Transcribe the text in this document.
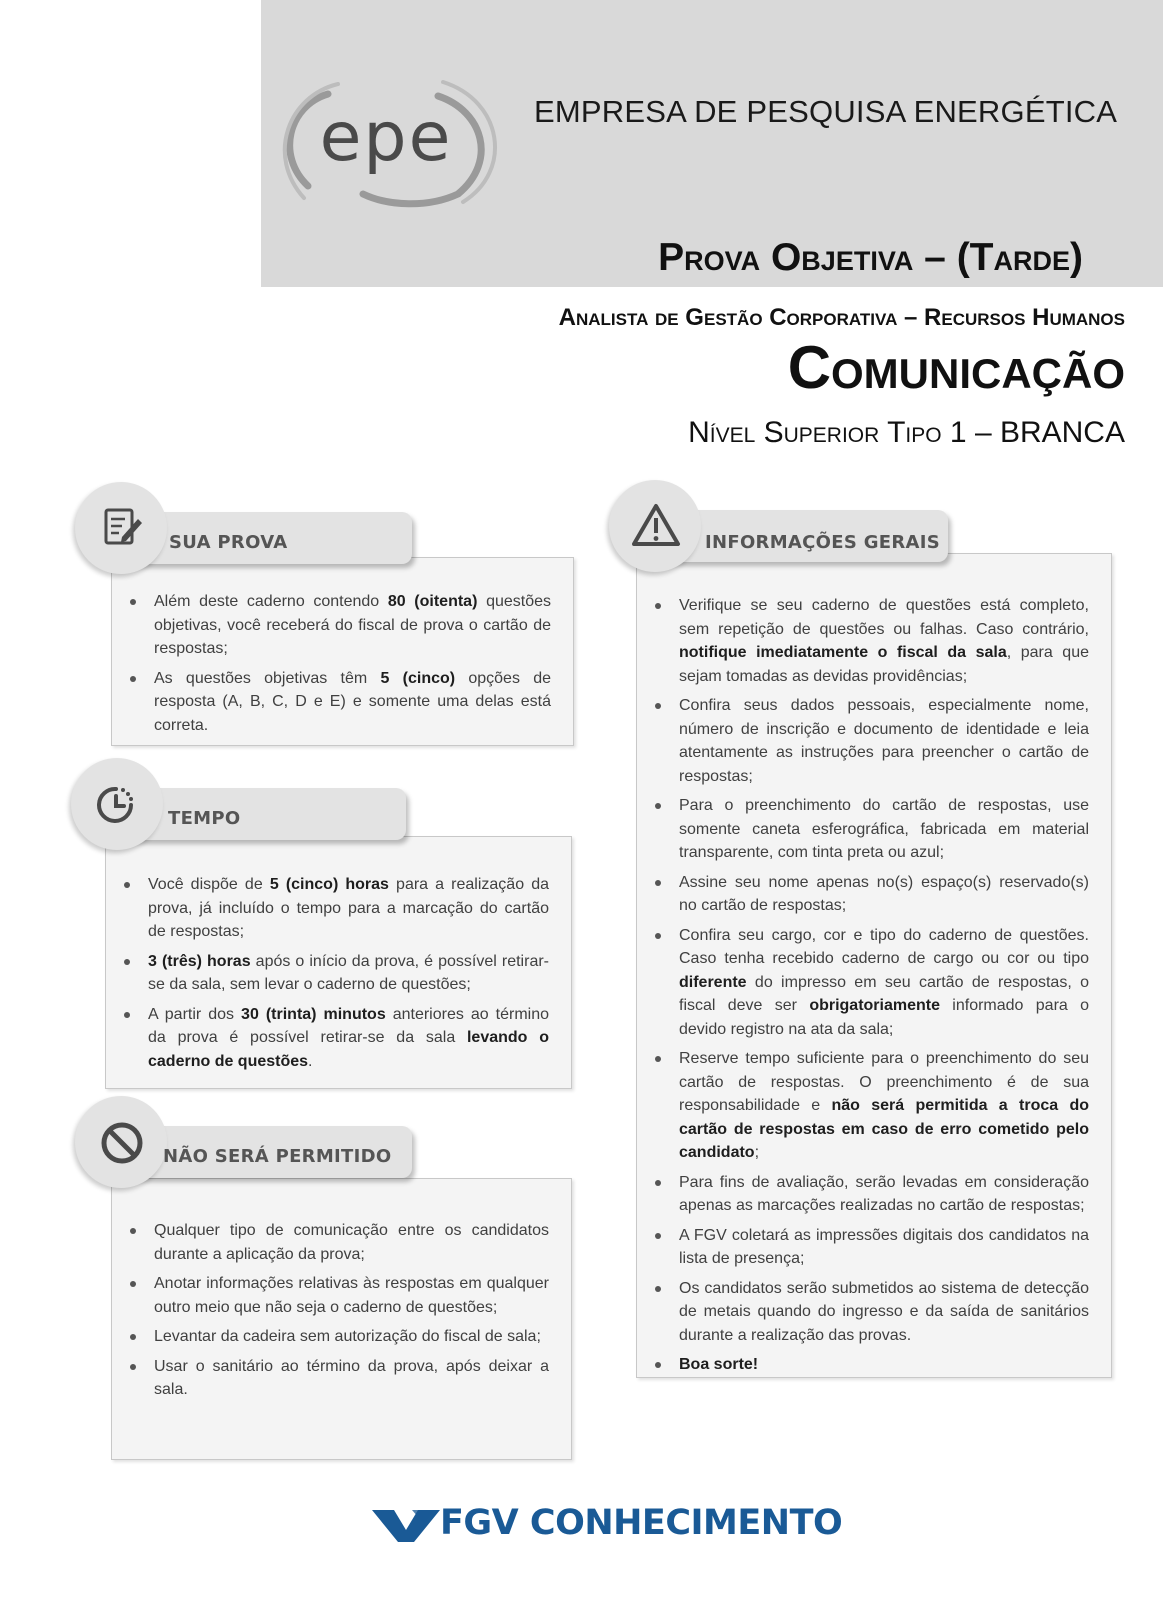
epe	EMPRESA DE PESQUISA ENERGÉTICA
Prova Objetiva – (Tarde)
Analista de Gestão Corporativa – Recursos Humanos
Comunicação
Nível Superior Tipo 1 – BRANCA
Além deste caderno contendo 80 (oitenta) questões objetivas, você receberá do fiscal de prova o cartão de respostas;
As questões objetivas têm 5 (cinco) opções de resposta (A, B, C, D e E) e somente uma delas está correta.
SUA PROVA
Você dispõe de 5 (cinco) horas para a realização da prova, já incluído o tempo para a marcação do cartão de respostas;
3 (três) horas após o início da prova, é possível retirar-se da sala, sem levar o caderno de questões;
A partir dos 30 (trinta) minutos anteriores ao término da prova é possível retirar-se da sala levando o caderno de questões.
TEMPO
Qualquer tipo de comunicação entre os candidatos durante a aplicação da prova;
Anotar informações relativas às respostas em qualquer outro meio que não seja o caderno de questões;
Levantar da cadeira sem autorização do fiscal de sala;
Usar o sanitário ao término da prova, após deixar a sala.
NÃO SERÁ PERMITIDO
Verifique se seu caderno de questões está completo, sem repetição de questões ou falhas. Caso contrário, notifique imediatamente o fiscal da sala, para que sejam tomadas as devidas providências;
Confira seus dados pessoais, especialmente nome, número de inscrição e documento de identidade e leia atentamente as instruções para preencher o cartão de respostas;
Para o preenchimento do cartão de respostas, use somente caneta esferográfica, fabricada em material transparente, com tinta preta ou azul;
Assine seu nome apenas no(s) espaço(s) reservado(s) no cartão de respostas;
Confira seu cargo, cor e tipo do caderno de questões. Caso tenha recebido caderno de cargo ou cor ou tipo diferente do impresso em seu cartão de respostas, o fiscal deve ser obrigatoriamente informado para o devido registro na ata da sala;
Reserve tempo suficiente para o preenchimento do seu cartão de respostas. O preenchimento é de sua responsabilidade e não será permitida a troca do cartão de respostas em caso de erro cometido pelo candidato;
Para fins de avaliação, serão levadas em consideração apenas as marcações realizadas no cartão de respostas;
A FGV coletará as impressões digitais dos candidatos na lista de presença;
Os candidatos serão submetidos ao sistema de detecção de metais quando do ingresso e da saída de sanitários durante a realização das provas.
Boa sorte!
INFORMAÇÕES GERAIS
FGV CONHECIMENTO
